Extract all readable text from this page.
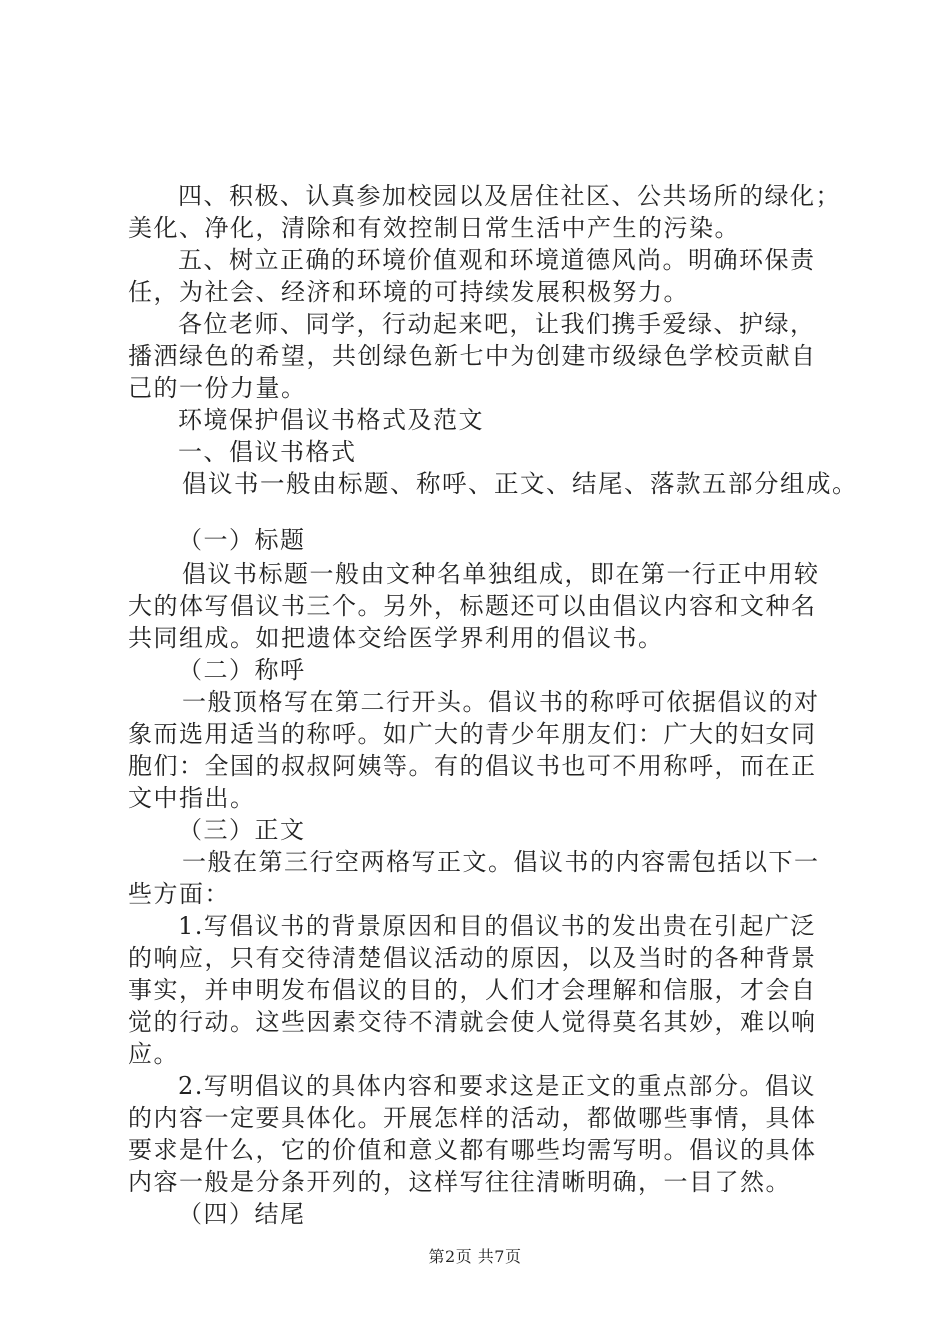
四、积极、认真参加校园以及居住社区、公共场所的绿化；
美化、净化，清除和有效控制日常生活中产生的污染。
五、树立正确的环境价值观和环境道德风尚。明确环保责
任，为社会、经济和环境的可持续发展积极努力。
各位老师、同学，行动起来吧，让我们携手爱绿、护绿，
播洒绿色的希望，共创绿色新七中为创建市级绿色学校贡献自
己的一份力量。
环境保护倡议书格式及范文
一、倡议书格式
倡议书一般由标题、称呼、正文、结尾、落款五部分组成。
（一）标题
倡议书标题一般由文种名单独组成，即在第一行正中用较
大的体写倡议书三个。另外，标题还可以由倡议内容和文种名
共同组成。如把遗体交给医学界利用的倡议书。
（二）称呼
一般顶格写在第二行开头。倡议书的称呼可依据倡议的对
象而选用适当的称呼。如广大的青少年朋友们：广大的妇女同
胞们：全国的叔叔阿姨等。有的倡议书也可不用称呼，而在正
文中指出。
（三）正文
一般在第三行空两格写正文。倡议书的内容需包括以下一
些方面：
1.写倡议书的背景原因和目的倡议书的发出贵在引起广泛
的响应，只有交待清楚倡议活动的原因，以及当时的各种背景
事实，并申明发布倡议的目的，人们才会理解和信服，才会自
觉的行动。这些因素交待不清就会使人觉得莫名其妙，难以响
应。
2.写明倡议的具体内容和要求这是正文的重点部分。倡议
的内容一定要具体化。开展怎样的活动，都做哪些事情，具体
要求是什么，它的价值和意义都有哪些均需写明。倡议的具体
内容一般是分条开列的，这样写往往清晰明确，一目了然。
（四）结尾
第2页 共7页
